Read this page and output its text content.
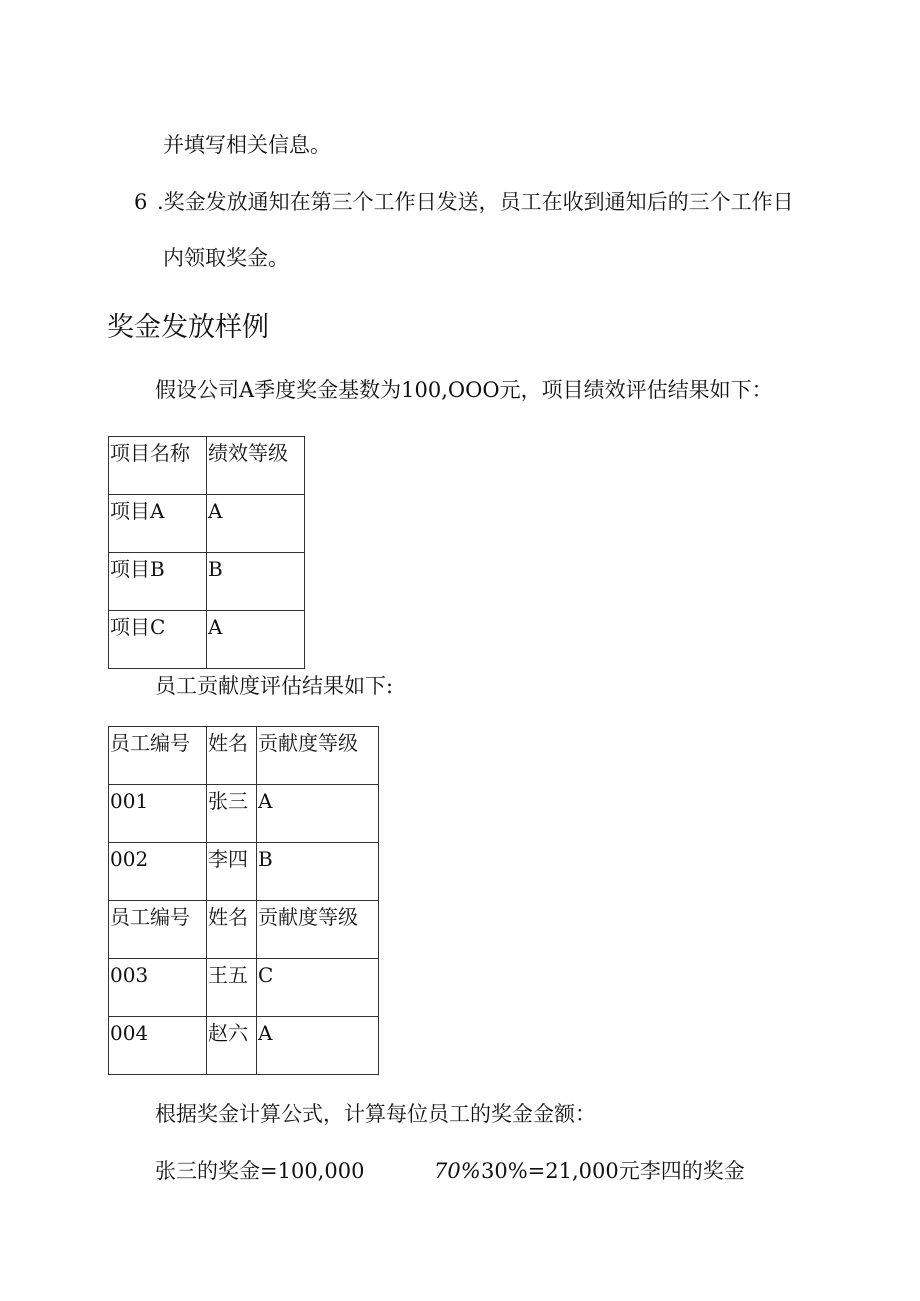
并填写相关信息。
6 .奖金发放通知在第三个工作日发送，员工在收到通知后的三个工作日
内领取奖金。
奖金发放样例
假设公司A季度奖金基数为100,OOO元，项目绩效评估结果如下：
项目名称	绩效等级
项目A	A
项目B	B
项目C	A
员工贡献度评估结果如下:
员工编号	姓名	贡献度等级
001	张三	A
002	李四	B
员工编号	姓名	贡献度等级
003	王五	C
004	赵六	A
根据奖金计算公式，计算每位员工的奖金金额：
张三的奖金=100,000	70% 30%=21,000元李四的奖金
